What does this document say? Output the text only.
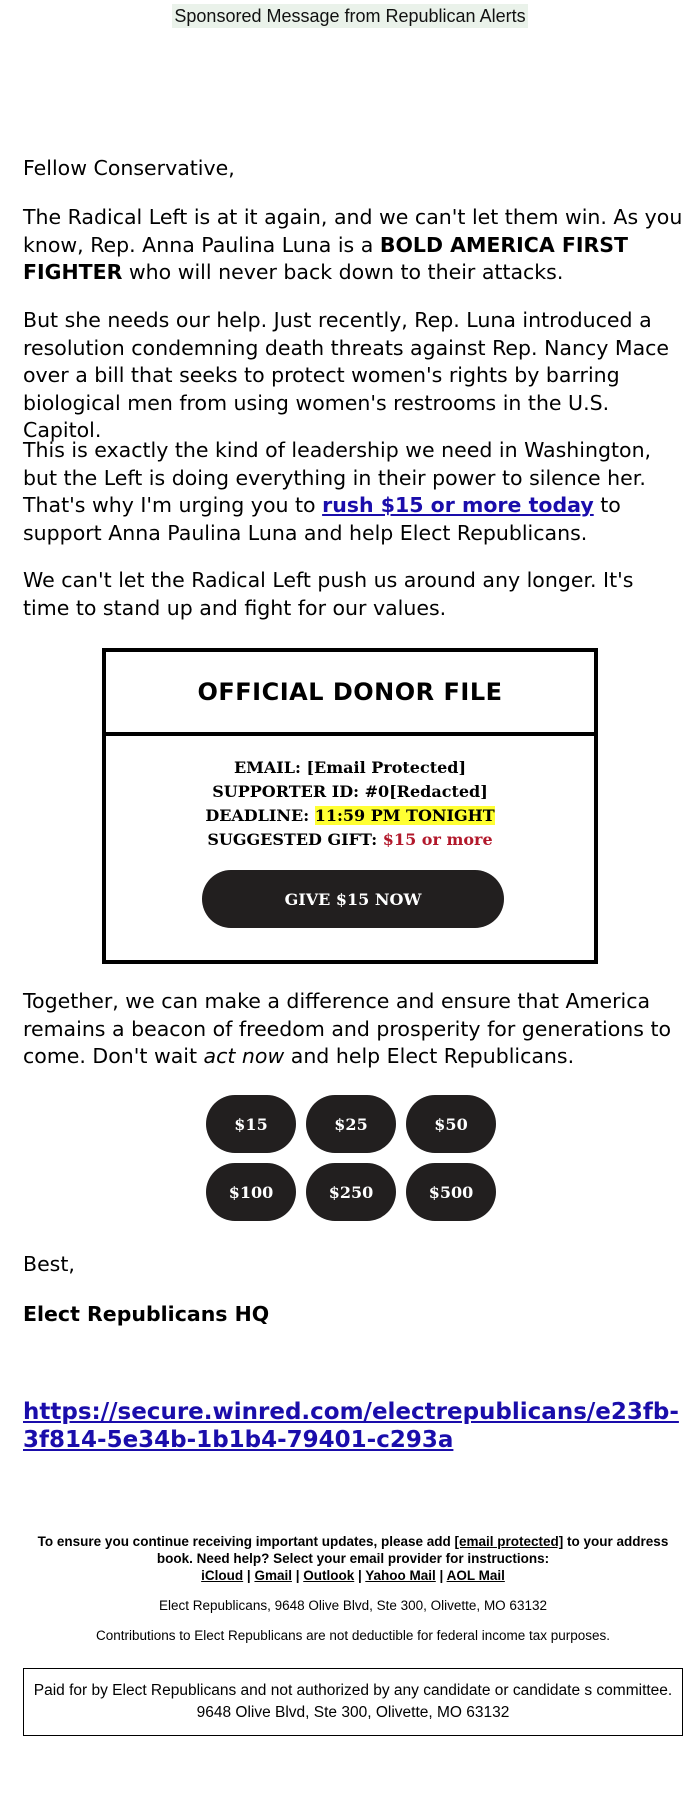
Sponsored Message from Republican Alerts

Fellow Conservative,

The Radical Left is at it again, and we can't let them win. As you know, Rep. Anna Paulina Luna is a BOLD AMERICA FIRST FIGHTER who will never back down to their attacks.

But she needs our help. Just recently, Rep. Luna introduced a resolution condemning death threats against Rep. Nancy Mace over a bill that seeks to protect women's rights by barring biological men from using women's restrooms in the U.S. Capitol.

This is exactly the kind of leadership we need in Washington, but the Left is doing everything in their power to silence her. That's why I'm urging you to rush $15 or more today to support Anna Paulina Luna and help Elect Republicans.

We can't let the Radical Left push us around any longer. It's time to stand up and fight for our values.

OFFICIAL DONOR FILE
EMAIL: [Email Protected]
SUPPORTER ID: #0[Redacted]
DEADLINE: 11:59 PM TONIGHT
SUGGESTED GIFT: $15 or more
GIVE $15 NOW

Together, we can make a difference and ensure that America remains a beacon of freedom and prosperity for generations to come. Don't wait act now and help Elect Republicans.

$15	$25	$50
$100	$250	$500
Best,
Elect Republicans HQ
https://secure.winred.com/electrepublicans/e23fb-3f814-5e34b-1b1b4-79401-c293a
To ensure you continue receiving important updates, please add [email protected] to your address book. Need help? Select your email provider for instructions:
iCloud | Gmail | Outlook | Yahoo Mail | AOL Mail
Elect Republicans, 9648 Olive Blvd, Ste 300, Olivette, MO 63132
Contributions to Elect Republicans are not deductible for federal income tax purposes.
Paid for by Elect Republicans and not authorized by any candidate or candidate s committee. 9648 Olive Blvd, Ste 300, Olivette, MO 63132
